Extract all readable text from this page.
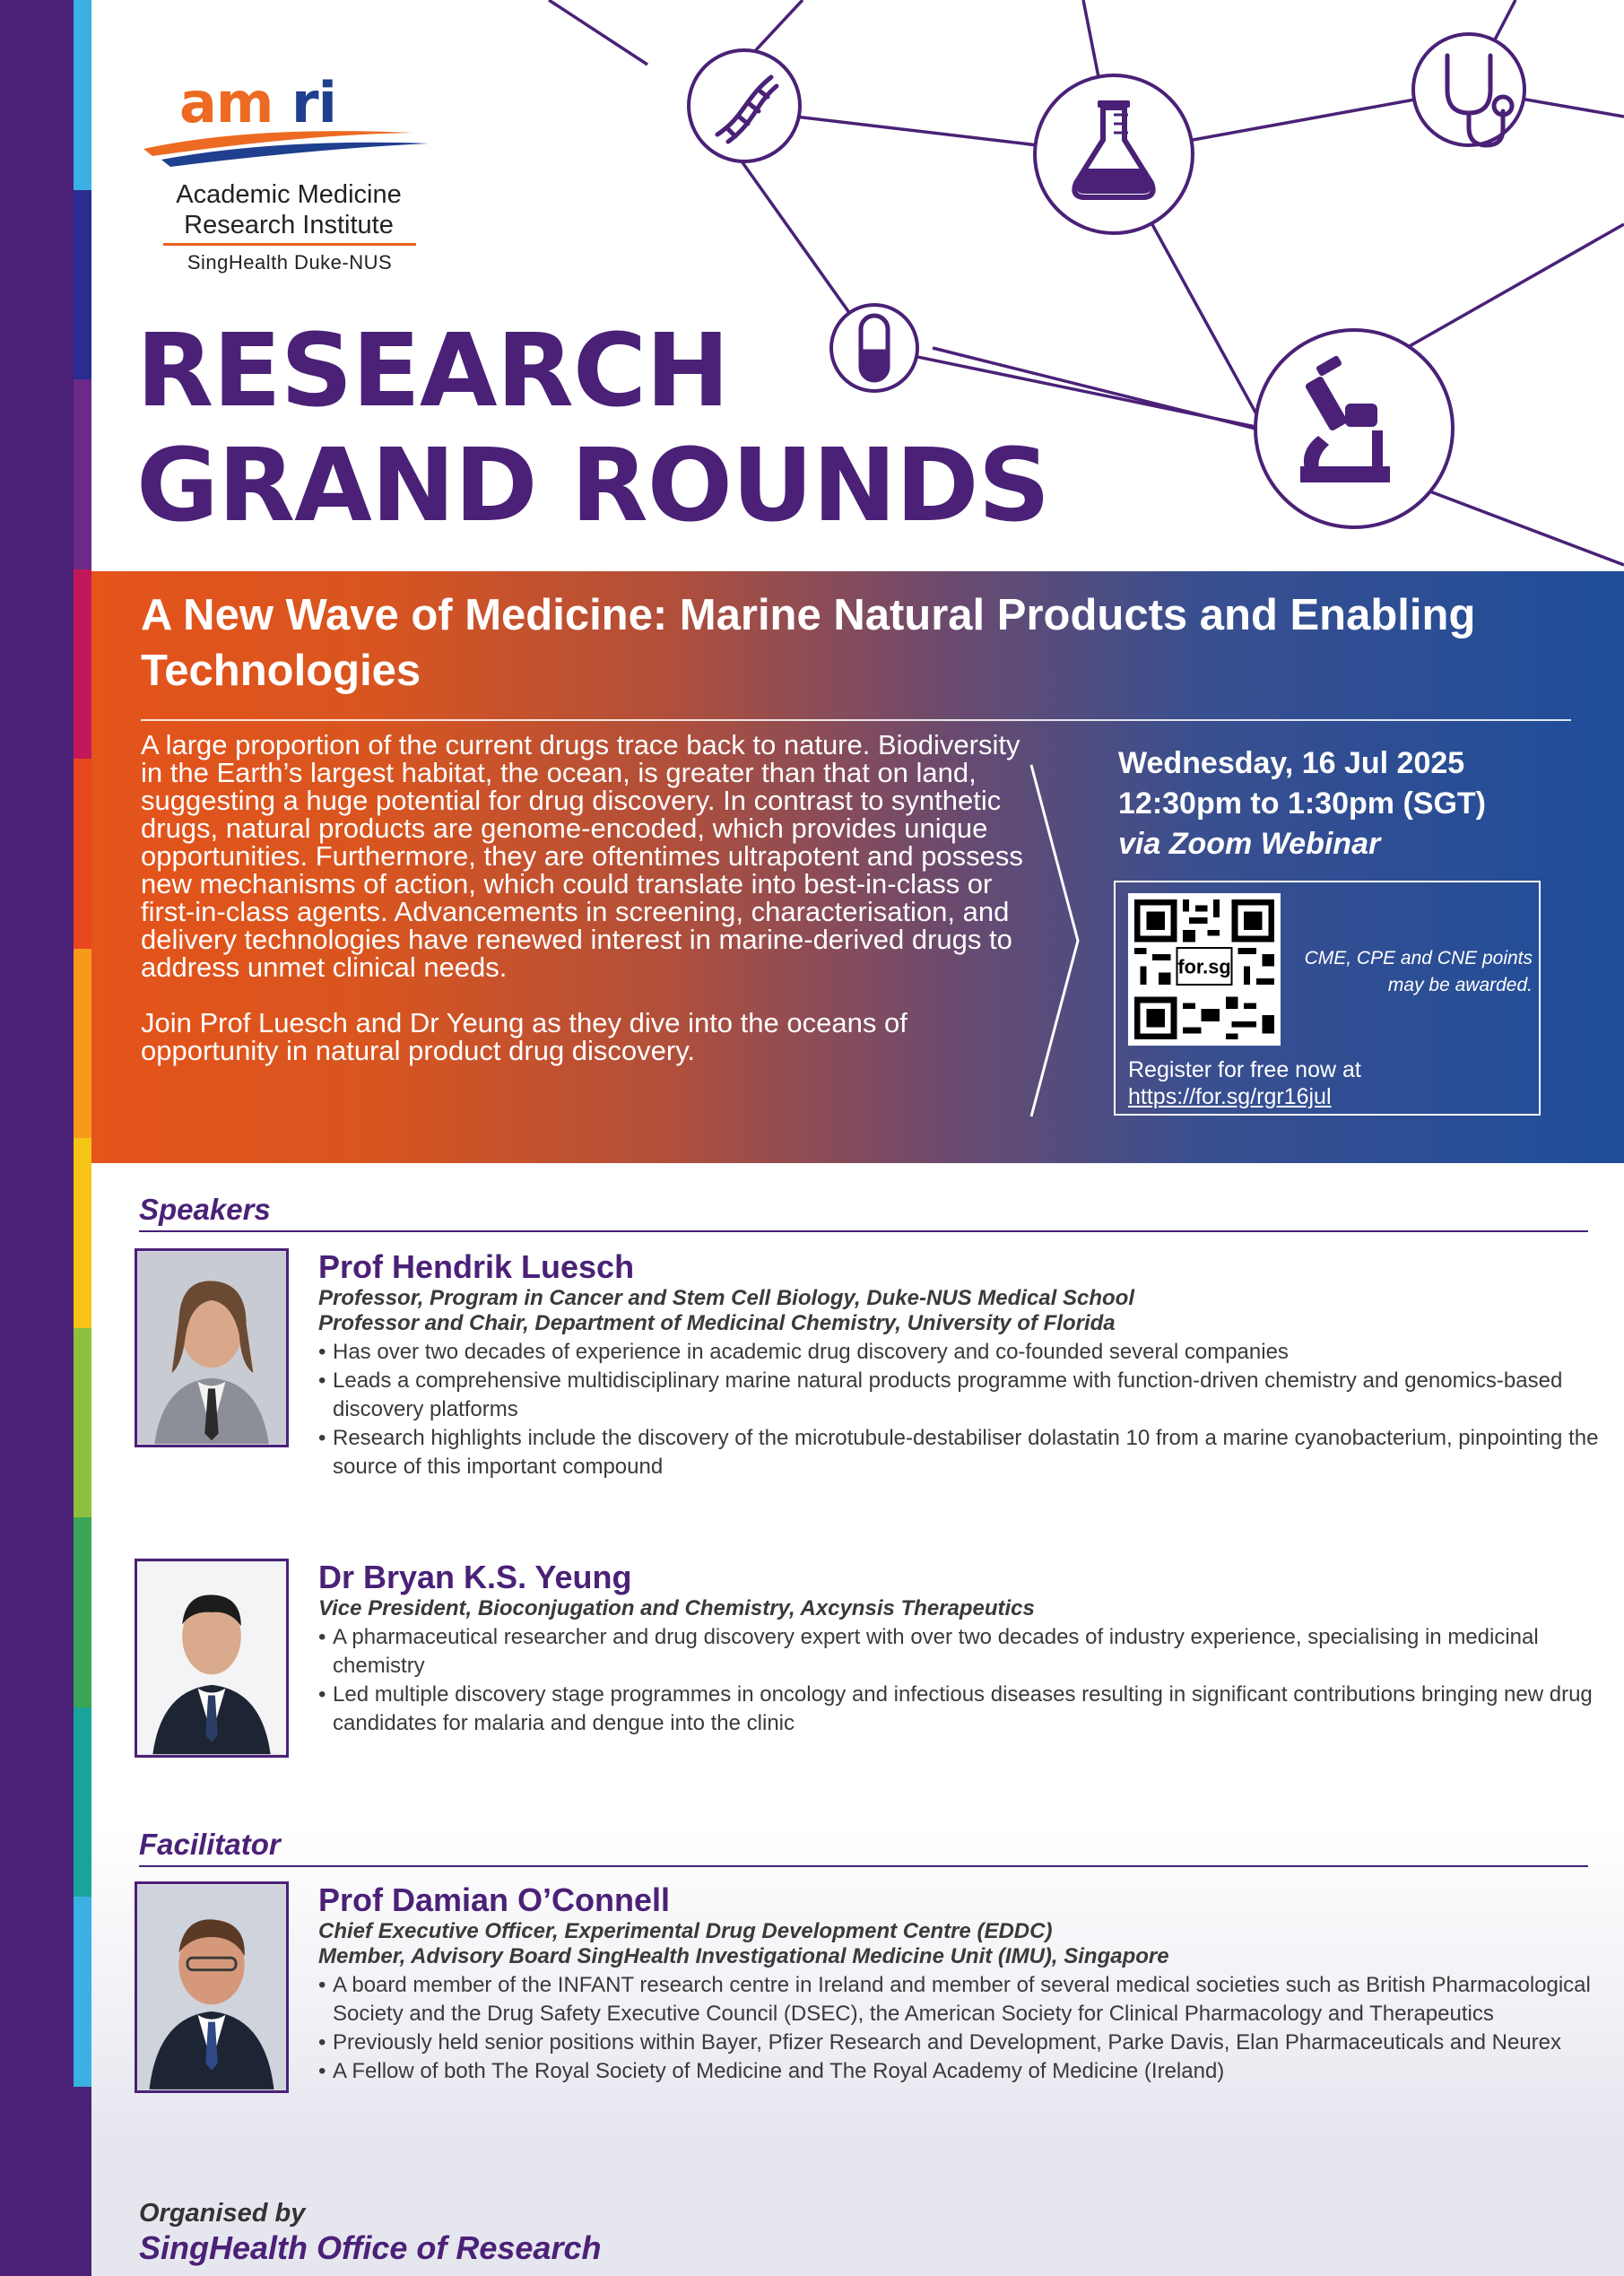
am ri
Academic Medicine
Research Institute
SingHealth Duke-NUS
RESEARCH
GRAND ROUNDS
A New Wave of Medicine: Marine Natural Products and Enabling Technologies

A large proportion of the current drugs trace back to nature. Biodiversity in the Earth’s largest habitat, the ocean, is greater than that on land, suggesting a huge potential for drug discovery. In contrast to synthetic drugs, natural products are genome-encoded, which provides unique opportunities. Furthermore, they are oftentimes ultrapotent and possess new mechanisms of action, which could translate into best-in-class or first-in-class agents. Advancements in screening, characterisation, and delivery technologies have renewed interest in marine-derived drugs to address unmet clinical needs.

Join Prof Luesch and Dr Yeung as they dive into the oceans of opportunity in natural product drug discovery.

Wednesday, 16 Jul 2025
12:30pm to 1:30pm (SGT)
via Zoom Webinar
for.sg	CME, CPE and CNE points may be awarded.
Register for free now at
https://for.sg/rgr16jul
Speakers
Prof Hendrik Luesch
Professor, Program in Cancer and Stem Cell Biology, Duke-NUS Medical School
Professor and Chair, Department of Medicinal Chemistry, University of Florida
• Has over two decades of experience in academic drug discovery and co-founded several companies
• Leads a comprehensive multidisciplinary marine natural products programme with function-driven chemistry and genomics-based discovery platforms
• Research highlights include the discovery of the microtubule-destabiliser dolastatin 10 from a marine cyanobacterium, pinpointing the source of this important compound
Dr Bryan K.S. Yeung
Vice President, Bioconjugation and Chemistry, Axcynsis Therapeutics
• A pharmaceutical researcher and drug discovery expert with over two decades of industry experience, specialising in medicinal chemistry
• Led multiple discovery stage programmes in oncology and infectious diseases resulting in significant contributions bringing new drug candidates for malaria and dengue into the clinic
Facilitator
Prof Damian O’Connell
Chief Executive Officer, Experimental Drug Development Centre (EDDC)
Member, Advisory Board SingHealth Investigational Medicine Unit (IMU), Singapore
• A board member of the INFANT research centre in Ireland and member of several medical societies such as British Pharmacological Society and the Drug Safety Executive Council (DSEC), the American Society for Clinical Pharmacology and Therapeutics
• Previously held senior positions within Bayer, Pfizer Research and Development, Parke Davis, Elan Pharmaceuticals and Neurex
• A Fellow of both The Royal Society of Medicine and The Royal Academy of Medicine (Ireland)
Organised by
SingHealth Office of Research
